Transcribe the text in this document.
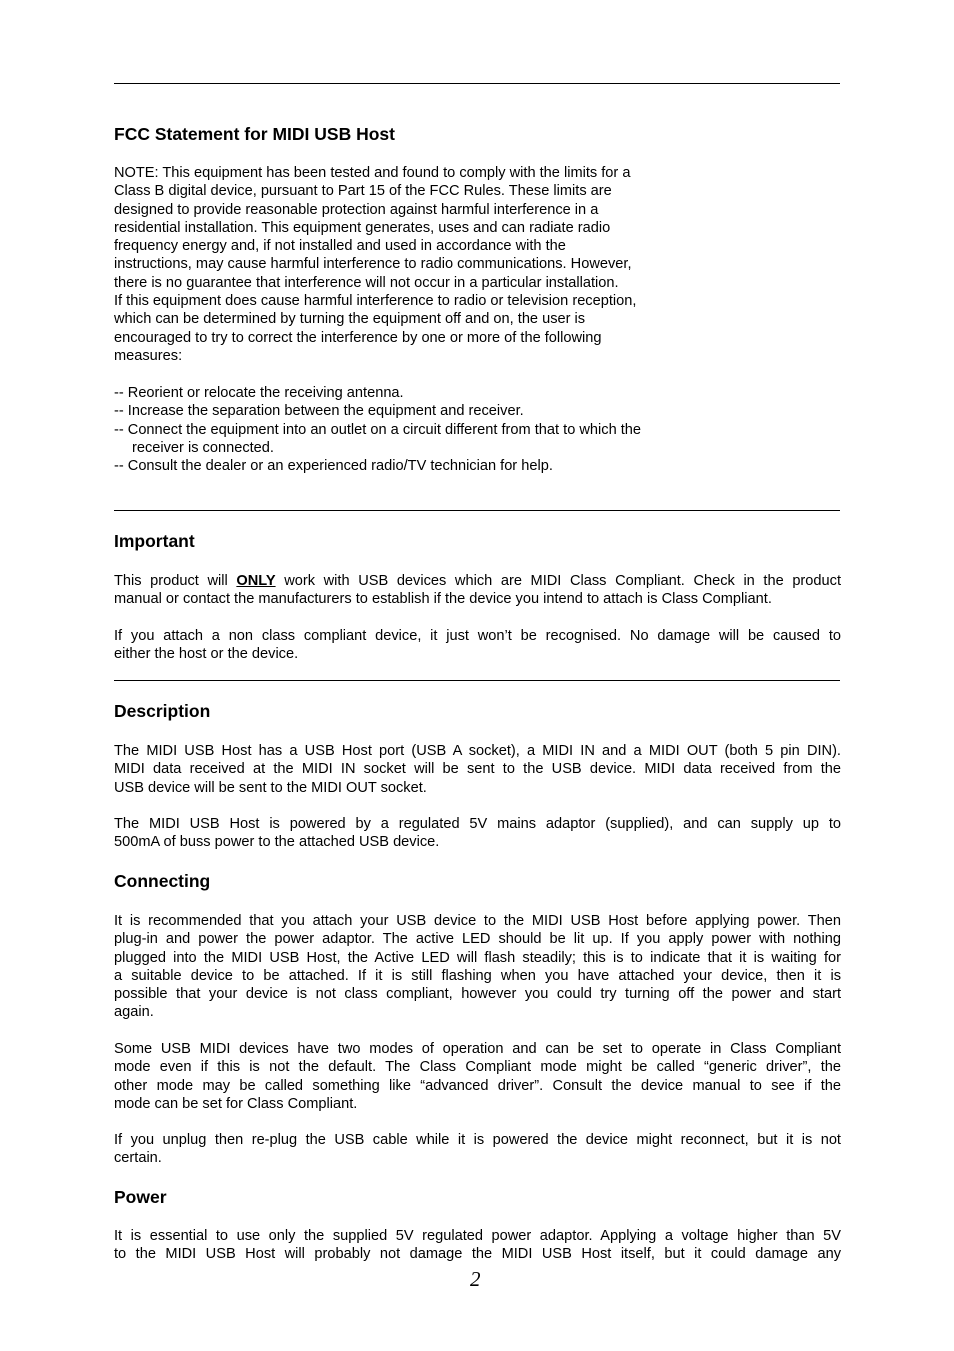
FCC Statement for MIDI USB Host
NOTE: This equipment has been tested and found to comply with the limits for a
Class B digital device, pursuant to Part 15 of the FCC Rules. These limits are
designed to provide reasonable protection against harmful interference in a
residential installation. This equipment generates, uses and can radiate radio
frequency energy and, if not installed and used in accordance with the
instructions, may cause harmful interference to radio communications. However,
there is no guarantee that interference will not occur in a particular installation.
If this equipment does cause harmful interference to radio or television reception,
which can be determined by turning the equipment off and on, the user is
encouraged to try to correct the interference by one or more of the following
measures:
-- Reorient or relocate the receiving antenna.
-- Increase the separation between the equipment and receiver.
-- Connect the equipment into an outlet on a circuit different from that to which the
receiver is connected.
-- Consult the dealer or an experienced radio/TV technician for help.
Important
This product will ONLY work with USB devices which are MIDI Class Compliant. Check in the product
manual or contact the manufacturers to establish if the device you intend to attach is Class Compliant.
If you attach a non class compliant device, it just won’t be recognised. No damage will be caused to
either the host or the device.
Description
The MIDI USB Host has a USB Host port (USB A socket), a MIDI IN and a MIDI OUT (both 5 pin DIN).
MIDI data received at the MIDI IN socket will be sent to the USB device. MIDI data received from the
USB device will be sent to the MIDI OUT socket.
The MIDI USB Host is powered by a regulated 5V mains adaptor (supplied), and can supply up to
500mA of buss power to the attached USB device.
Connecting
It is recommended that you attach your USB device to the MIDI USB Host before applying power. Then
plug-in and power the power adaptor. The active LED should be lit up. If you apply power with nothing
plugged into the MIDI USB Host, the Active LED will flash steadily; this is to indicate that it is waiting for
a suitable device to be attached. If it is still flashing when you have attached your device, then it is
possible that your device is not class compliant, however you could try turning off the power and start
again.
Some USB MIDI devices have two modes of operation and can be set to operate in Class Compliant
mode even if this is not the default. The Class Compliant mode might be called “generic driver”, the
other mode may be called something like “advanced driver”. Consult the device manual to see if the
mode can be set for Class Compliant.
If you unplug then re-plug the USB cable while it is powered the device might reconnect, but it is not
certain.
Power
It is essential to use only the supplied 5V regulated power adaptor. Applying a voltage higher than 5V
to the MIDI USB Host will probably not damage the MIDI USB Host itself, but it could damage any
2
